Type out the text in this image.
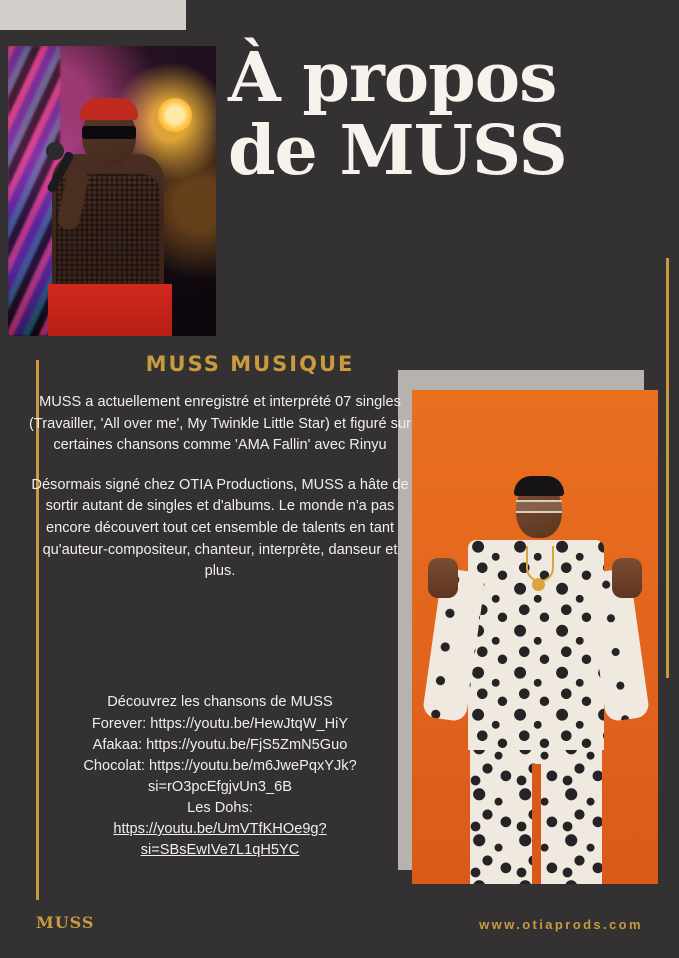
À propos
de MUSS
MUSS MUSIQUE

MUSS a actuellement enregistré et interprété 07 singles (Travailler, 'All over me', My Twinkle Little Star) et figuré sur certaines chansons comme 'AMA Fallin' avec Rinyu

Désormais signé chez OTIA Productions, MUSS a hâte de sortir autant de singles et d'albums. Le monde n'a pas encore découvert tout cet ensemble de talents en tant qu'auteur-compositeur, chanteur, interprète, danseur et plus.

Découvrez les chansons de MUSS

Forever: https://youtu.be/HewJtqW_HiY

Afakaa: https://youtu.be/FjS5ZmN5Guo

Chocolat: https://youtu.be/m6JwePqxYJk?

si=rO3pcEfgjvUn3_6B

Les Dohs:

https://youtu.be/UmVTfKHOe9g?

si=SBsEwIVe7L1qH5YC

MUSS	www.otiaprods.com
